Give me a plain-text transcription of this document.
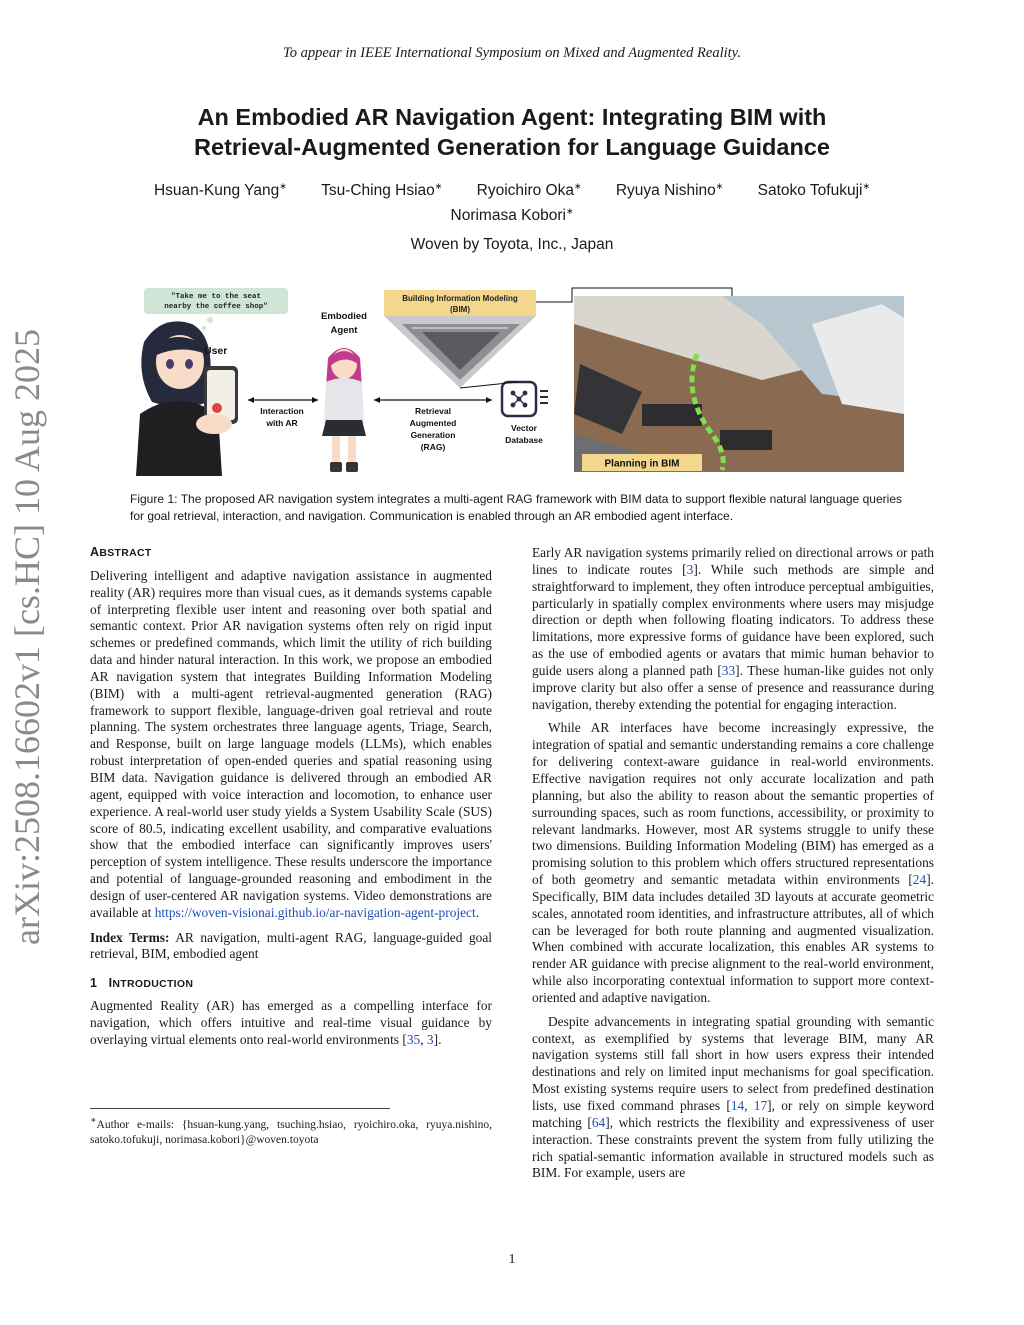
To appear in IEEE International Symposium on Mixed and Augmented Reality.
An Embodied AR Navigation Agent: Integrating BIM with
Retrieval-Augmented Generation for Language Guidance
Hsuan-Kung Yang∗ Tsu-Ching Hsiao∗ Ryoichiro Oka∗ Ryuya Nishino∗ Satoko Tofukuji∗
Norimasa Kobori∗
Woven by Toyota, Inc., Japan
arXiv:2508.16602v1 [cs.HC] 10 Aug 2025
"Take me to the seat
nearby the coffee shop"
User
Interaction
with AR
Embodied
Agent
Retrieval
Augmented
Generation
(RAG)
Building Information Modeling
(BIM)
Vector
Database
Planning in BIM
Figure 1: The proposed AR navigation system integrates a multi-agent RAG framework with BIM data to support flexible natural language queries for goal retrieval, interaction, and navigation. Communication is enabled through an AR embodied agent interface.
ABSTRACT

Delivering intelligent and adaptive navigation assistance in augmented reality (AR) requires more than visual cues, as it demands systems capable of interpreting flexible user intent and reasoning over both spatial and semantic context. Prior AR navigation systems often rely on rigid input schemes or predefined commands, which limit the utility of rich building data and hinder natural interaction. In this work, we propose an embodied AR navigation system that integrates Building Information Modeling (BIM) with a multi-agent retrieval-augmented generation (RAG) framework to support flexible, language-driven goal retrieval and route planning. The system orchestrates three language agents, Triage, Search, and Response, built on large language models (LLMs), which enables robust interpretation of open-ended queries and spatial reasoning using BIM data. Navigation guidance is delivered through an embodied AR agent, equipped with voice interaction and locomotion, to enhance user experience. A real-world user study yields a System Usability Scale (SUS) score of 80.5, indicating excellent usability, and comparative evaluations show that the embodied interface can significantly improves users' perception of system intelligence. These results underscore the importance and potential of language-grounded reasoning and embodiment in the design of user-centered AR navigation systems. Video demonstrations are available at https://woven-visionai.github.io/ar-navigation-agent-project.

Index Terms: AR navigation, multi-agent RAG, language-guided goal retrieval, BIM, embodied agent

1 INTRODUCTION

Augmented Reality (AR) has emerged as a compelling interface for navigation, which offers intuitive and real-time visual guidance by overlaying virtual elements onto real-world environments [35, 3].

∗Author e-mails: {hsuan-kung.yang, tsuching.hsiao, ryoichiro.oka, ryuya.nishino, satoko.tofukuji, norimasa.kobori}@woven.toyota

Early AR navigation systems primarily relied on directional arrows or path lines to indicate routes [3]. While such methods are simple and straightforward to implement, they often introduce perceptual ambiguities, particularly in spatially complex environments where users may misjudge direction or depth when following floating indicators. To address these limitations, more expressive forms of guidance have been explored, such as the use of embodied agents or avatars that mimic human behavior to guide users along a planned path [33]. These human-like guides not only improve clarity but also offer a sense of presence and reassurance during navigation, thereby extending the potential for engaging interaction.

While AR interfaces have become increasingly expressive, the integration of spatial and semantic understanding remains a core challenge for delivering context-aware guidance in real-world environments. Effective navigation requires not only accurate localization and path planning, but also the ability to reason about the semantic properties of surrounding spaces, such as room functions, accessibility, or proximity to relevant landmarks. However, most AR systems struggle to unify these two dimensions. Building Information Modeling (BIM) has emerged as a promising solution to this problem which offers structured representations of both geometry and semantic metadata within environments [24]. Specifically, BIM data includes detailed 3D layouts at accurate geometric scales, annotated room identities, and infrastructure attributes, all of which can be leveraged for both route planning and augmented visualization. When combined with accurate localization, this enables AR systems to render AR guidance with precise alignment to the real-world environment, while also incorporating contextual information to support more context-oriented and adaptive navigation.

Despite advancements in integrating spatial grounding with semantic context, as exemplified by systems that leverage BIM, many AR navigation systems still fall short in how users express their intended destinations and rely on limited input mechanisms for goal specification. Most existing systems require users to select from predefined destination lists, use fixed command phrases [14, 17], or rely on simple keyword matching [64], which restricts the flexibility and expressiveness of user interaction. These constraints prevent the system from fully utilizing the rich spatial-semantic information available in structured models such as BIM. For example, users are

1
